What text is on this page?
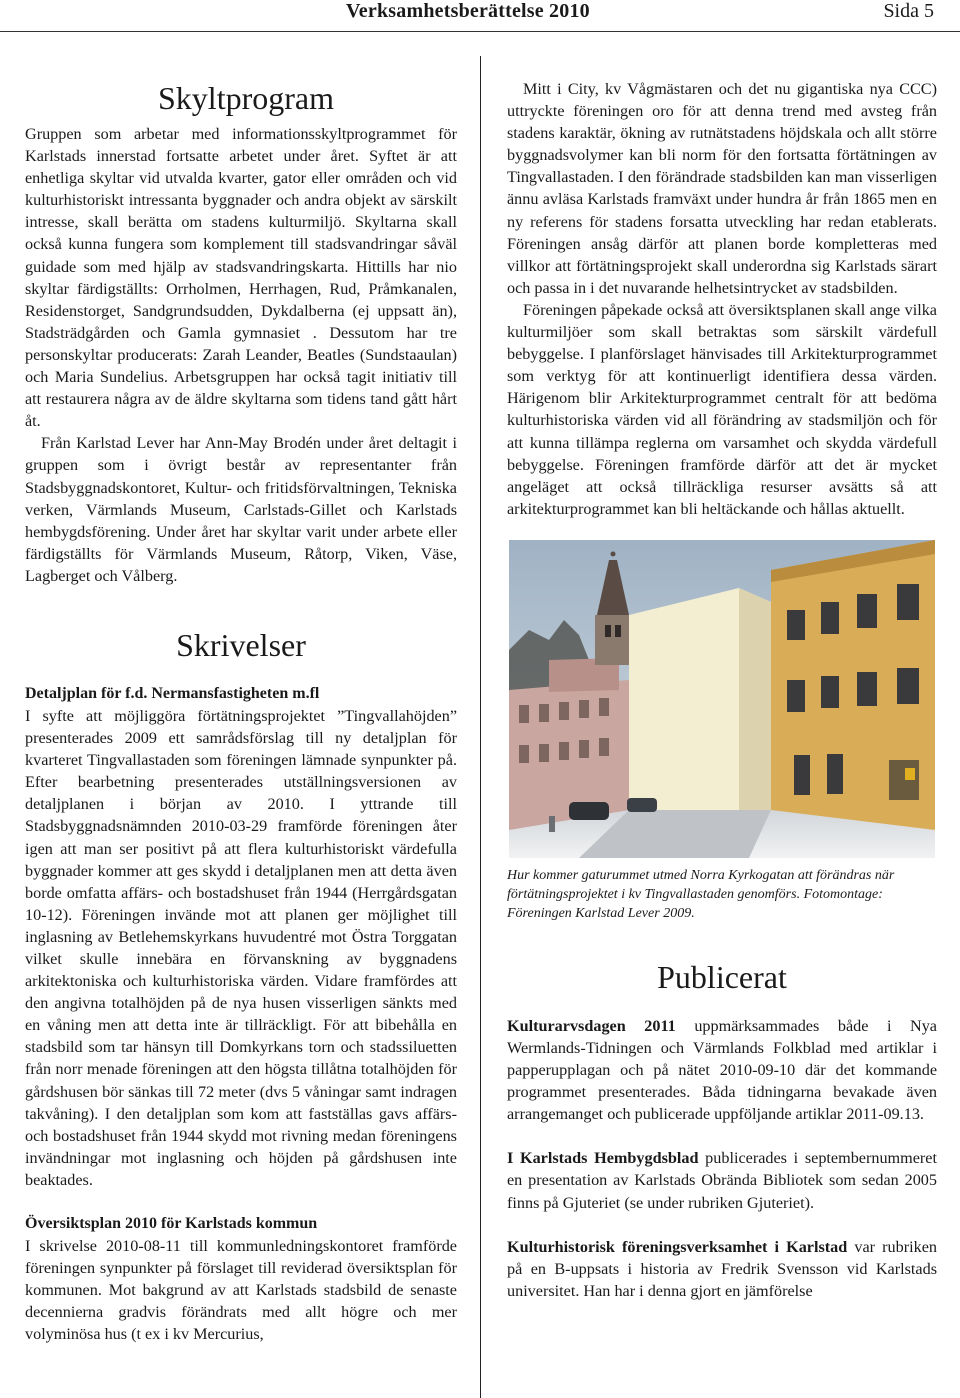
Verksamhetsberättelse 2010	Sida 5
Skyltprogram

Gruppen som arbetar med informationsskyltprogrammet för Karlstads innerstad fortsatte arbetet under året. Syftet är att enhetliga skyltar vid utvalda kvarter, gator eller områden och vid kulturhistoriskt intressanta byggnader och andra objekt av särskilt intresse, skall berätta om stadens kulturmiljö. Skyltarna skall också kunna fungera som komplement till stadsvandringar såväl guidade som med hjälp av stadsvandringskarta. Hittills har nio skyltar färdigställts: Orrholmen, Herrhagen, Rud, Pråmkanalen, Residenstorget, Sandgrundsudden, Dykdalberna (ej uppsatt än), Stadsträdgården och Gamla gymnasiet . Dessutom har tre personskyltar producerats: Zarah Leander, Beatles (Sundstaaulan) och Maria Sundelius. Arbetsgruppen har också tagit initiativ till att restaurera några av de äldre skyltarna som tidens tand gått hårt åt.

Från Karlstad Lever har Ann-May Brodén under året deltagit i gruppen som i övrigt består av representanter från Stadsbyggnadskontoret, Kultur- och fritidsförvaltningen, Tekniska verken, Värmlands Museum, Carlstads-Gillet och Karlstads hembygdsförening. Under året har skyltar varit under arbete eller färdigställts för Värmlands Museum, Råtorp, Viken, Väse, Lagberget och Vålberg.

Skrivelser
Detaljplan för f.d. Nermansfastigheten m.fl

I syfte att möjliggöra förtätningsprojektet ”Tingvallahöjden” presenterades 2009 ett samrådsförslag till ny detaljplan för kvarteret Tingvallastaden som föreningen lämnade synpunkter på. Efter bearbetning presenterades utställningsversionen av detaljplanen i början av 2010. I yttrande till Stadsbyggnadsnämnden 2010-03-29 framförde föreningen åter igen att man ser positivt på att flera kulturhistoriskt värdefulla byggnader kommer att ges skydd i detaljplanen men att detta även borde omfatta affärs- och bostadshuset från 1944 (Herrgårdsgatan 10-12). Föreningen invände mot att planen ger möjlighet till inglasning av Betlehemskyrkans huvudentré mot Östra Torggatan vilket skulle innebära en förvanskning av byggnadens arkitektoniska och kulturhistoriska värden. Vidare framfördes att den angivna totalhöjden på de nya husen visserligen sänkts med en våning men att detta inte är tillräckligt. För att bibehålla en stadsbild som tar hänsyn till Domkyrkans torn och stadssiluetten från norr menade föreningen att den högsta tillåtna totalhöjden för gårdshusen bör sänkas till 72 meter (dvs 5 våningar samt indragen takvåning). I den detaljplan som kom att fastställas gavs affärs- och bostadshuset från 1944 skydd mot rivning medan föreningens invändningar mot inglasning och höjden på gårdshusen inte beaktades.

Översiktsplan 2010 för Karlstads kommun

I skrivelse 2010-08-11 till kommunledningskontoret framförde föreningen synpunkter på förslaget till reviderad översiktsplan för kommunen. Mot bakgrund av att Karlstads stadsbild de senaste decennierna gradvis förändrats med allt högre och mer volyminösa hus (t ex i kv Mercurius,

Mitt i City, kv Vågmästaren och det nu gigantiska nya CCC) uttryckte föreningen oro för att denna trend med avsteg från stadens karaktär, ökning av rutnätstadens höjdskala och allt större byggnadsvolymer kan bli norm för den fortsatta förtätningen av Tingvallastaden. I den förändrade stadsbilden kan man visserligen ännu avläsa Karlstads framväxt under hundra år från 1865 men en ny referens för stadens forsatta utveckling har redan etablerats. Föreningen ansåg därför att planen borde kompletteras med villkor att förtätningsprojekt skall underordna sig Karlstads särart och passa in i det nuvarande helhetsintrycket av stadsbilden.

Föreningen påpekade också att översiktsplanen skall ange vilka kulturmiljöer som skall betraktas som särskilt värdefull bebyggelse. I planförslaget hänvisades till Arkitekturprogrammet som verktyg för att kontinuerligt identifiera dessa värden. Härigenom blir Arkitekturprogrammet centralt för att bedöma kulturhistoriska värden vid all förändring av stadsmiljön och för att kunna tillämpa reglerna om varsamhet och skydda värdefull bebyggelse. Föreningen framförde därför att det är mycket angeläget att också tillräckliga resurser avsätts så att arkitekturprogrammet kan bli heltäckande och hållas aktuellt.

Hur kommer gaturummet utmed Norra Kyrkogatan att förändras när förtätningsprojektet i kv Tingvallastaden genomförs. Fotomontage: Föreningen Karlstad Lever 2009.
Publicerat

Kulturarvsdagen 2011 uppmärksammades både i Nya Wermlands-Tidningen och Värmlands Folkblad med artiklar i papperupplagan och på nätet 2010-09-10 där det kommande programmet presenterades. Båda tidningarna bevakade även arrangemanget och publicerade uppföljande artiklar 2011-09.13.

I Karlstads Hembygdsblad publicerades i septembernummeret en presentation av Karlstads Obrända Bibliotek som sedan 2005 finns på Gjuteriet (se under rubriken Gjuteriet).

Kulturhistorisk föreningsverksamhet i Karlstad var rubriken på en B-uppsats i historia av Fredrik Svensson vid Karlstads universitet. Han har i denna gjort en jämförelse
